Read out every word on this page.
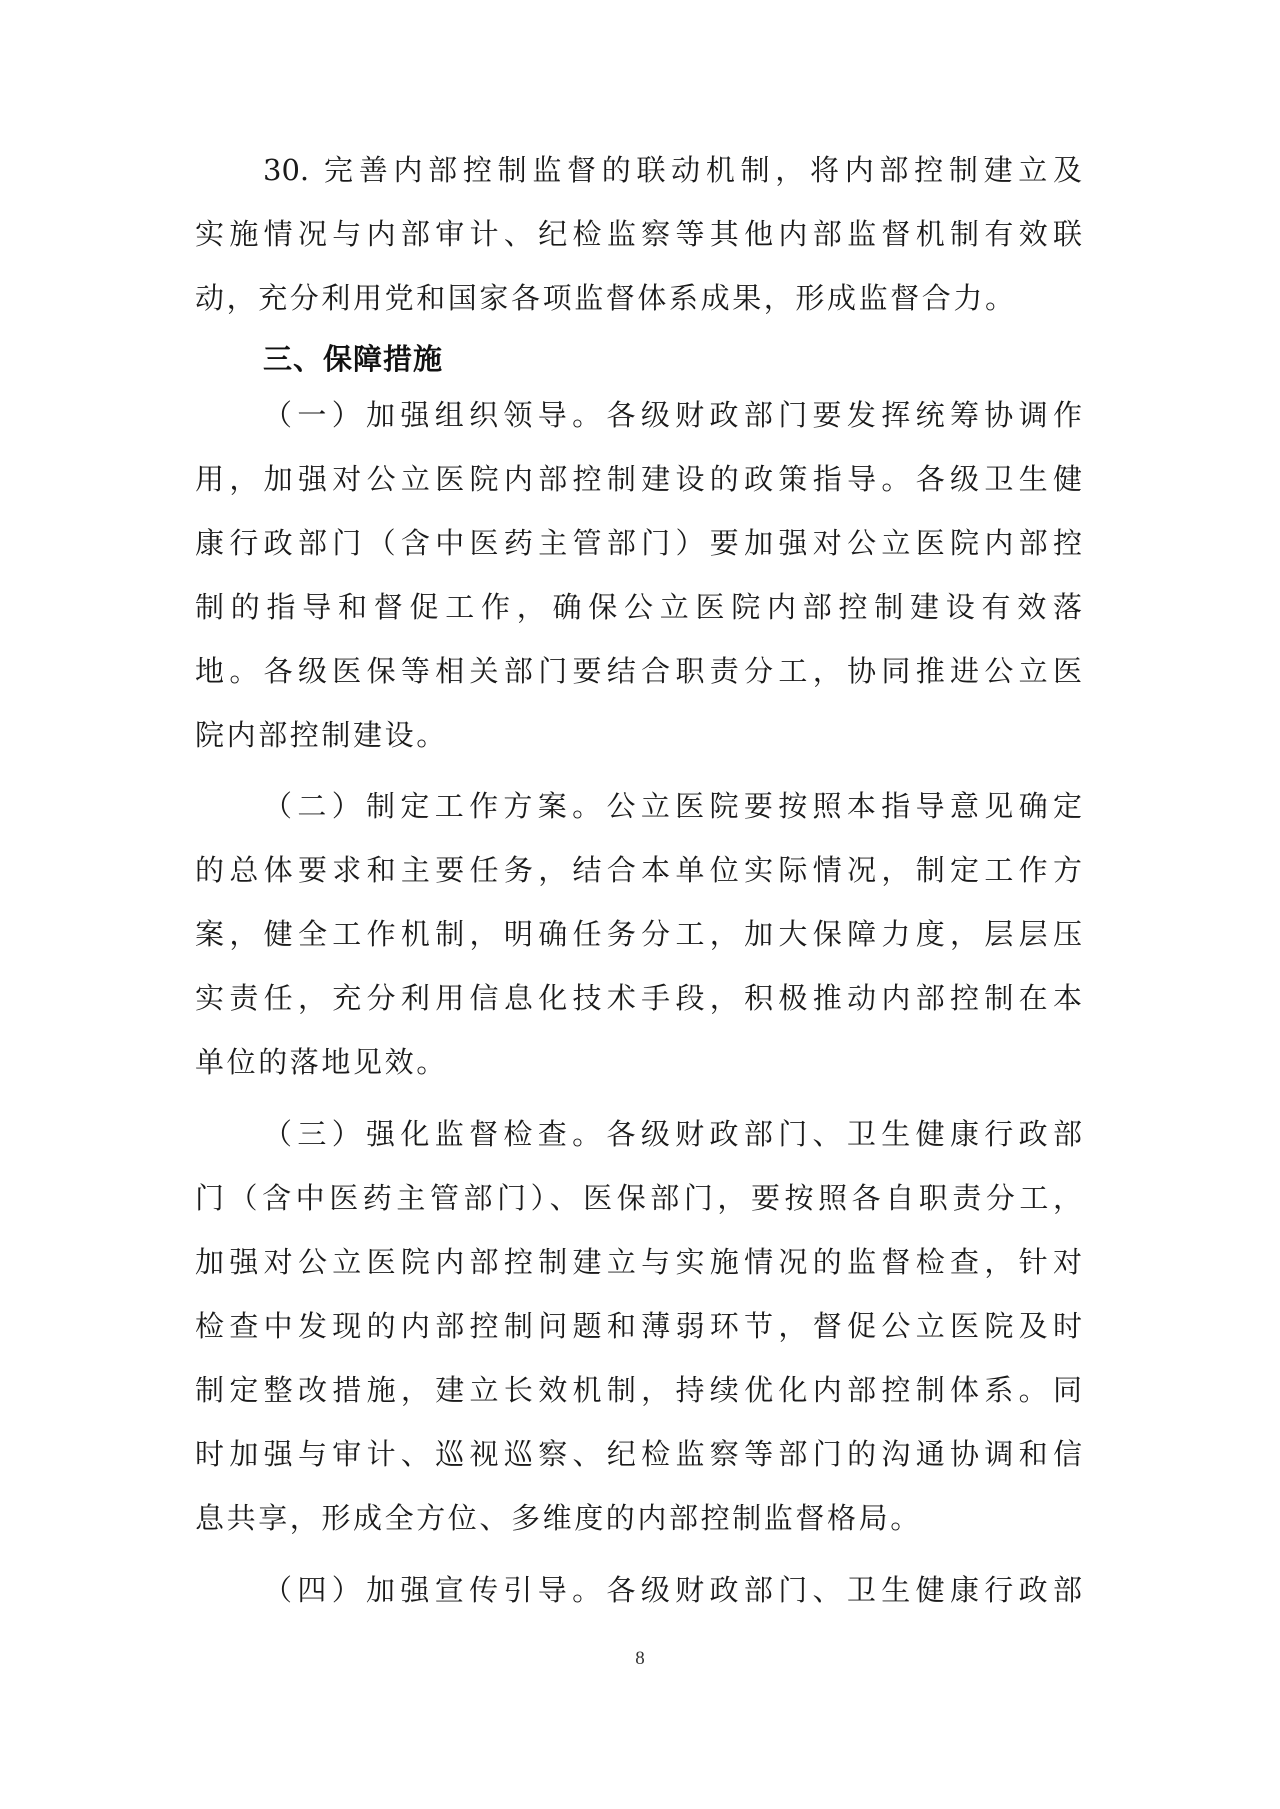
30. 完善内部控制监督的联动机制，将内部控制建立及
实施情况与内部审计、纪检监察等其他内部监督机制有效联
动，充分利用党和国家各项监督体系成果，形成监督合力。
三、保障措施
（一）加强组织领导。各级财政部门要发挥统筹协调作
用，加强对公立医院内部控制建设的政策指导。各级卫生健
康行政部门（含中医药主管部门）要加强对公立医院内部控
制的指导和督促工作，确保公立医院内部控制建设有效落
地。各级医保等相关部门要结合职责分工，协同推进公立医
院内部控制建设。
（二）制定工作方案。公立医院要按照本指导意见确定
的总体要求和主要任务，结合本单位实际情况，制定工作方
案，健全工作机制，明确任务分工，加大保障力度，层层压
实责任，充分利用信息化技术手段，积极推动内部控制在本
单位的落地见效。
（三）强化监督检查。各级财政部门、卫生健康行政部
门（含中医药主管部门）、医保部门，要按照各自职责分工，
加强对公立医院内部控制建立与实施情况的监督检查，针对
检查中发现的内部控制问题和薄弱环节，督促公立医院及时
制定整改措施，建立长效机制，持续优化内部控制体系。同
时加强与审计、巡视巡察、纪检监察等部门的沟通协调和信
息共享，形成全方位、多维度的内部控制监督格局。
（四）加强宣传引导。各级财政部门、卫生健康行政部
8
